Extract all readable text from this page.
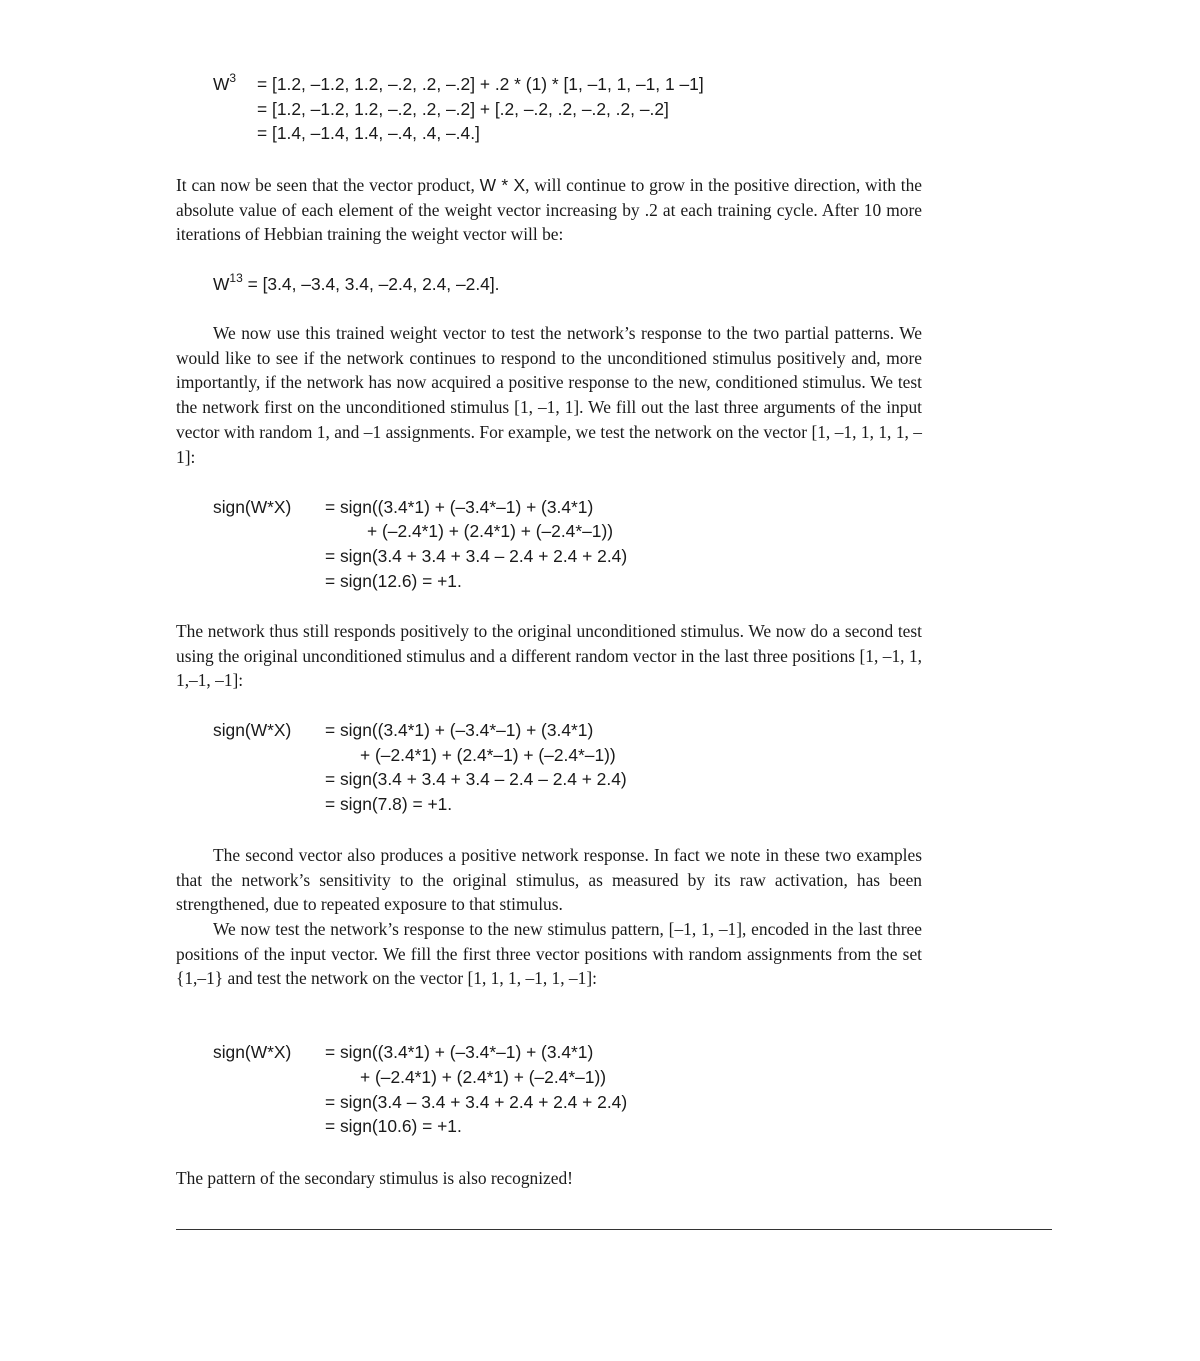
$W^3 = [1.2$, –1.2, 1.2, –.2, .2, –.2] + .2 * (1) * [1, –1, 1, –1, 1 –1]
= [1.2, –1.2, 1.2, –.2, .2, –.2] + [.2, –.2, .2, –.2, .2, –.2]
= [1.4, –1.4, 1.4, –.4, .4, –.4.]

It can now be seen that the vector product, W * X, will continue to grow in the positive direction, with the absolute value of each element of the weight vector increasing by .2 at each training cycle. After 10 more iterations of Hebbian training the weight vector will be:

$W^{13} = [3.4$, –3.4, 3.4, –2.4, 2.4, –2.4].

We now use this trained weight vector to test the network’s response to the two partial patterns. We would like to see if the network continues to respond to the unconditioned stimulus positively and, more importantly, if the network has now acquired a positive response to the new, conditioned stimulus. We test the network first on the unconditioned stimulus [1, –1, 1]. We fill out the last three arguments of the input vector with random 1, and –1 assignments. For example, we test the network on the vector [1, –1, 1, 1, 1, –1]:

sign(W*X) = sign((3.4*1) + (–3.4*–1) + (3.4*1)
+ (–2.4*1) + (2.4*1) + (–2.4*–1))
= sign(3.4 + 3.4 + 3.4 – 2.4 + 2.4 + 2.4)
= sign(12.6) = +1.

The network thus still responds positively to the original unconditioned stimulus. We now do a second test using the original unconditioned stimulus and a different random vector in the last three positions [1, –1, 1, 1,–1, –1]:

sign(W*X) = sign((3.4*1) + (–3.4*–1) + (3.4*1)
+ (–2.4*1) + (2.4*–1) + (–2.4*–1))
= sign(3.4 + 3.4 + 3.4 – 2.4 – 2.4 + 2.4)
= sign(7.8) = +1.

The second vector also produces a positive network response. In fact we note in these two examples that the network’s sensitivity to the original stimulus, as measured by its raw activation, has been strengthened, due to repeated exposure to that stimulus.

We now test the network’s response to the new stimulus pattern, [–1, 1, –1], encoded in the last three positions of the input vector. We fill the first three vector positions with random assignments from the set {1,–1} and test the network on the vector [1, 1, 1, –1, 1, –1]:

sign(W*X) = sign((3.4*1) + (–3.4*–1) + (3.4*1)
+ (–2.4*1) + (2.4*1) + (–2.4*–1))
= sign(3.4 – 3.4 + 3.4 + 2.4 + 2.4 + 2.4)
= sign(10.6) = +1.

The pattern of the secondary stimulus is also recognized!
